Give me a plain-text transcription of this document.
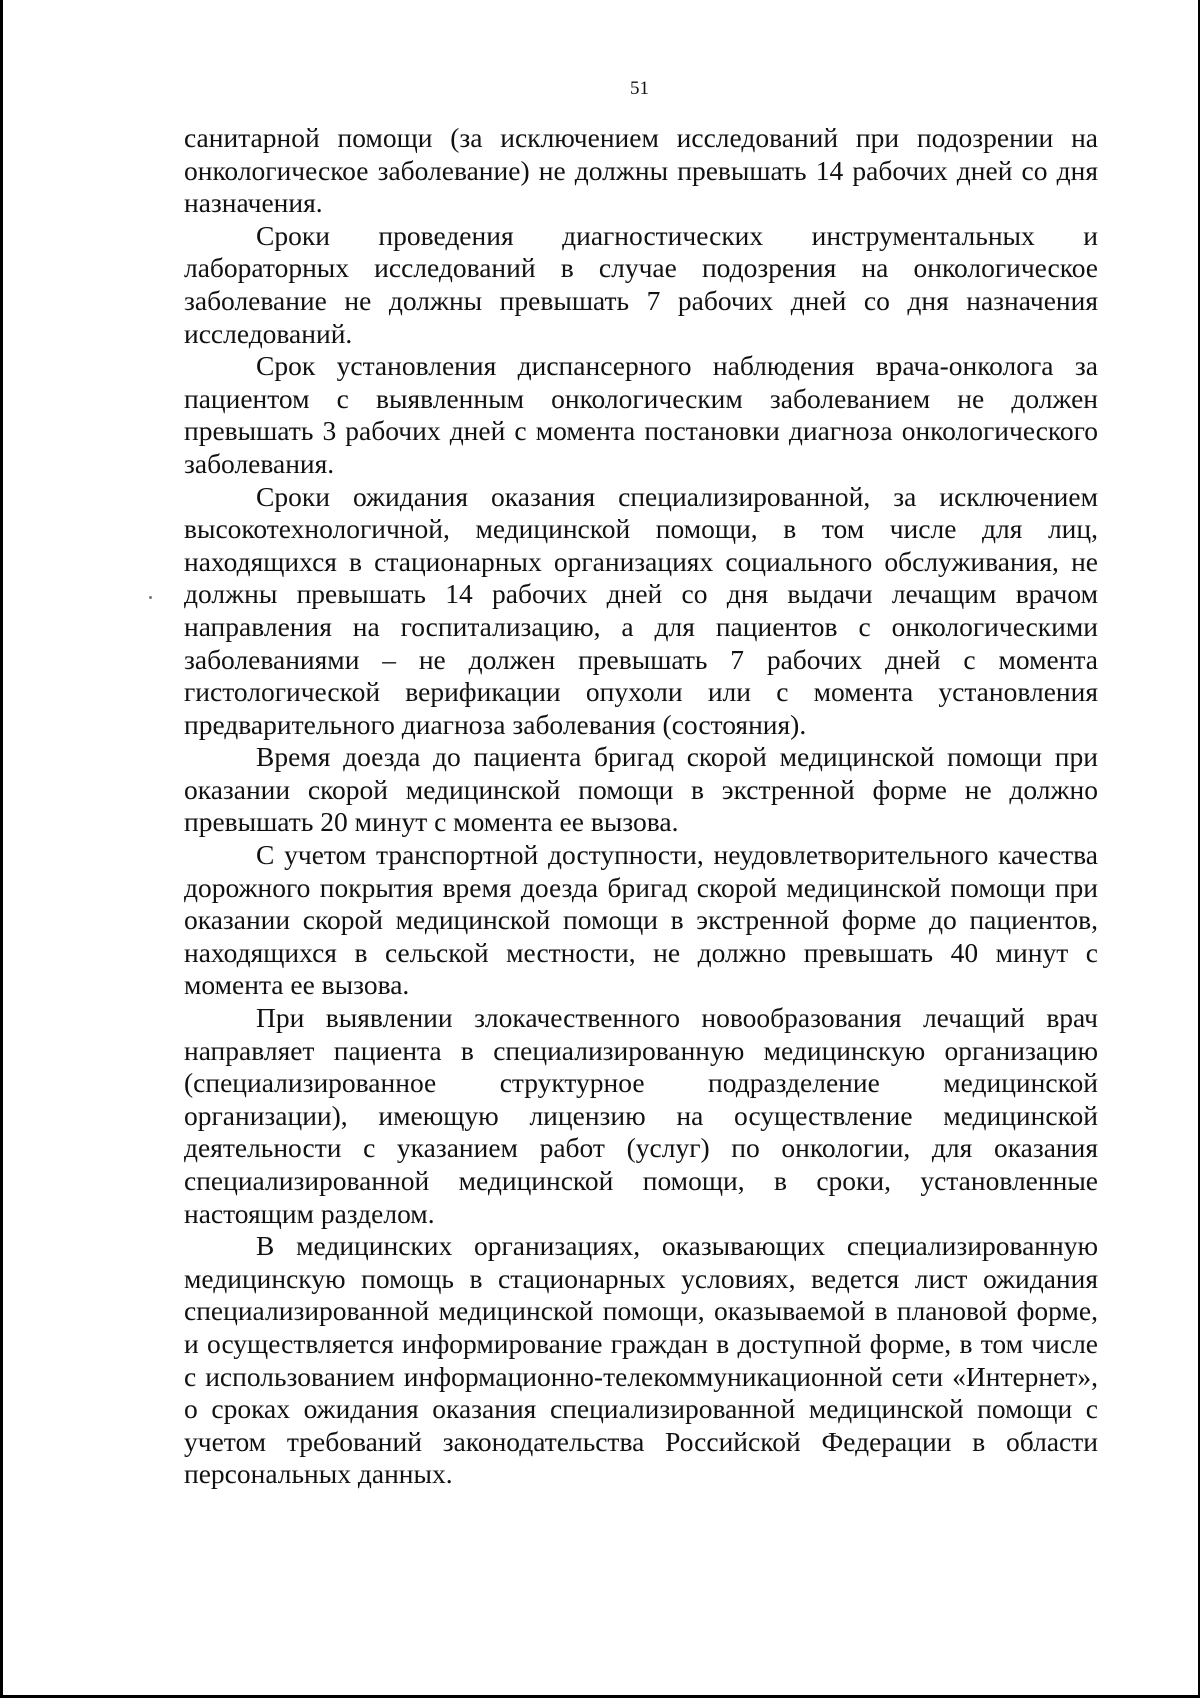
51

санитарной помощи (за исключением исследований при подозрении на онкологическое заболевание) не должны превышать 14 рабочих дней со дня назначения.

Сроки проведения диагностических инструментальных и лабораторных исследований в случае подозрения на онкологическое заболевание не должны превышать 7 рабочих дней со дня назначения исследований.

Срок установления диспансерного наблюдения врача-онколога за пациентом с выявленным онкологическим заболеванием не должен превышать 3 рабочих дней с момента постановки диагноза онкологического заболевания.

Сроки ожидания оказания специализированной, за исключением высокотехнологичной, медицинской помощи, в том числе для лиц, находящихся в стационарных организациях социального обслуживания, не должны превышать 14 рабочих дней со дня выдачи лечащим врачом направления на госпитализацию, а для пациентов с онкологическими заболеваниями – не должен превышать 7 рабочих дней с момента гистологической верификации опухоли или с момента установления предварительного диагноза заболевания (состояния).

Время доезда до пациента бригад скорой медицинской помощи при оказании скорой медицинской помощи в экстренной форме не должно превышать 20 минут с момента ее вызова.

С учетом транспортной доступности, неудовлетворительного качества дорожного покрытия время доезда бригад скорой медицинской помощи при оказании скорой медицинской помощи в экстренной форме до пациентов, находящихся в сельской местности, не должно превышать 40 минут с момента ее вызова.

При выявлении злокачественного новообразования лечащий врач направляет пациента в специализированную медицинскую организацию (специализированное структурное подразделение медицинской организации), имеющую лицензию на осуществление медицинской деятельности с указанием работ (услуг) по онкологии, для оказания специализированной медицинской помощи, в сроки, установленные настоящим разделом.

В медицинских организациях, оказывающих специализированную медицинскую помощь в стационарных условиях, ведется лист ожидания специализированной медицинской помощи, оказываемой в плановой форме, и осуществляется информирование граждан в доступной форме, в том числе с использованием информационно-телекоммуникационной сети «Интернет», о сроках ожидания оказания специализированной медицинской помощи с учетом требований законодательства Российской Федерации в области персональных данных.
